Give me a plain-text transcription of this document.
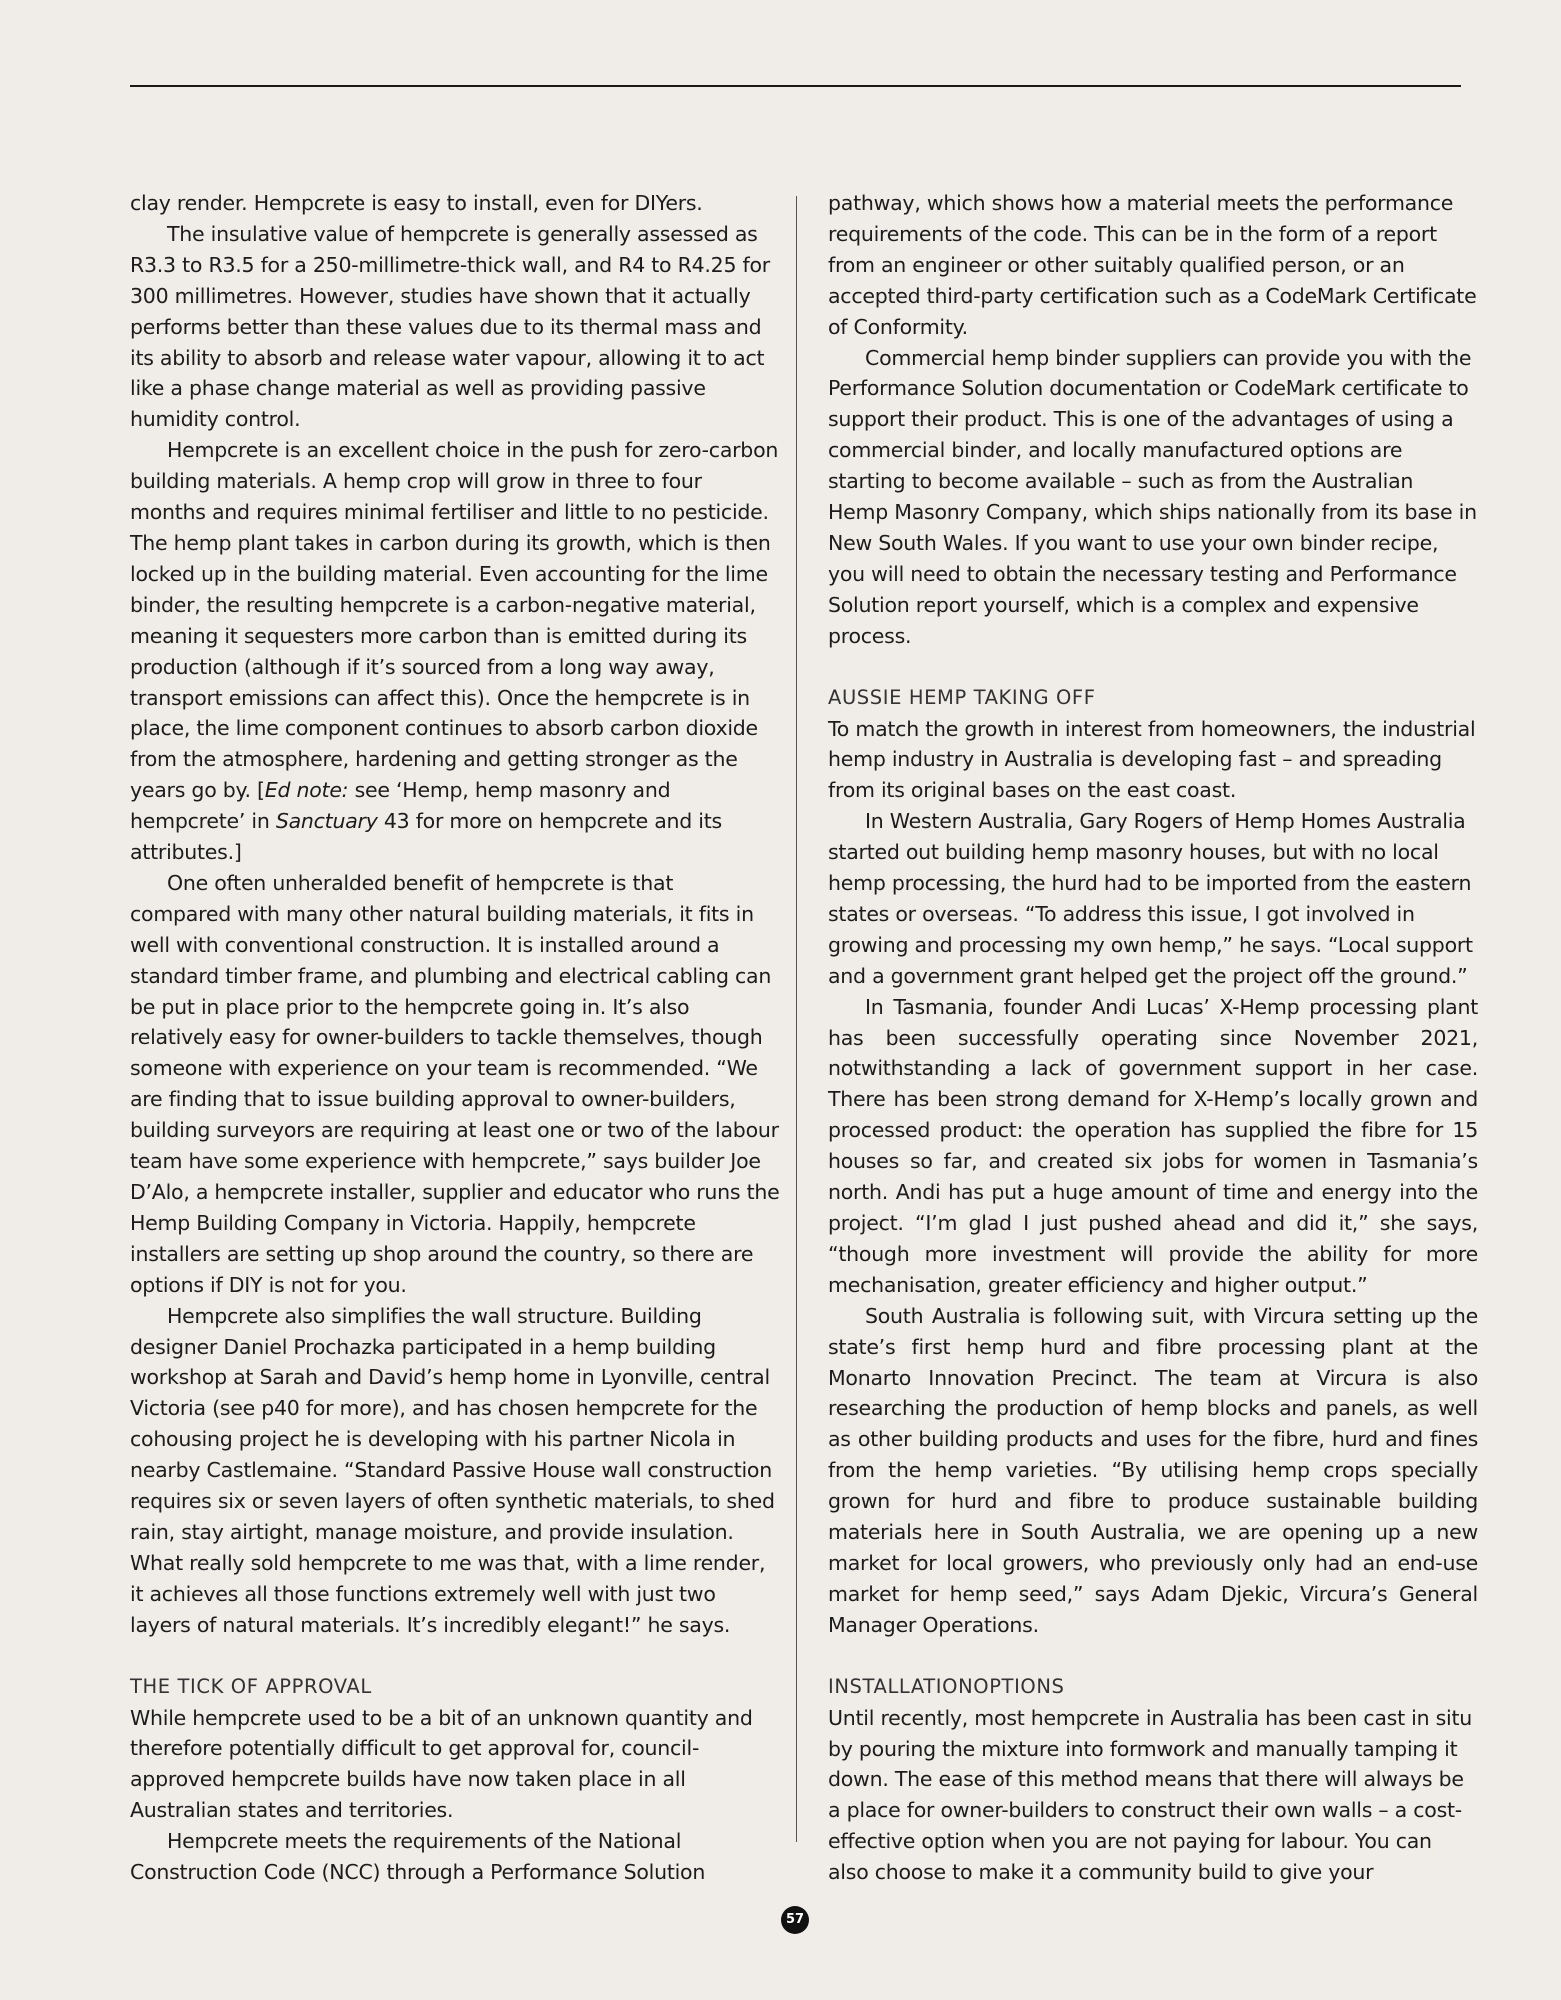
clay render. Hempcrete is easy to install, even for DIYers.

The insulative value of hempcrete is generally assessed as R3.3 to R3.5 for a 250-millimetre-thick wall, and R4 to R4.25 for 300 millimetres. However, studies have shown that it actually performs better than these values due to its thermal mass and its ability to absorb and release water vapour, allowing it to act like a phase change material as well as providing passive humidity control.

Hempcrete is an excellent choice in the push for zero-carbon building materials. A hemp crop will grow in three to four months and requires minimal fertiliser and little to no pesticide. The hemp plant takes in carbon during its growth, which is then locked up in the building material. Even accounting for the lime binder, the resulting hempcrete is a carbon-negative material, meaning it sequesters more carbon than is emitted during its production (although if it’s sourced from a long way away, transport emissions can affect this). Once the hempcrete is in place, the lime component continues to absorb carbon dioxide from the atmosphere, hardening and getting stronger as the years go by. [Ed note: see ‘Hemp, hemp masonry and hempcrete’ in Sanctuary 43 for more on hempcrete and its attributes.]

One often unheralded benefit of hempcrete is that compared with many other natural building materials, it fits in well with conventional construction. It is installed around a standard timber frame, and plumbing and electrical cabling can be put in place prior to the hempcrete going in. It’s also relatively easy for owner-builders to tackle themselves, though someone with experience on your team is recommended. “We are finding that to issue building approval to owner-builders, building surveyors are requiring at least one or two of the labour team have some experience with hempcrete,” says builder Joe D’Alo, a hempcrete installer, supplier and educator who runs the Hemp Building Company in Victoria. Happily, hempcrete installers are setting up shop around the country, so there are options if DIY is not for you.

Hempcrete also simplifies the wall structure. Building designer Daniel Prochazka participated in a hemp building workshop at Sarah and David’s hemp home in Lyonville, central Victoria (see p40 for more), and has chosen hempcrete for the cohousing project he is developing with his partner Nicola in nearby Castlemaine. “Standard Passive House wall construction requires six or seven layers of often synthetic materials, to shed rain, stay airtight, manage moisture, and provide insulation. What really sold hempcrete to me was that, with a lime render, it achieves all those functions extremely well with just two layers of natural materials. It’s incredibly elegant!” he says.

THE TICK OF APPROVAL

While hempcrete used to be a bit of an unknown quantity and therefore potentially difficult to get approval for, council-approved hempcrete builds have now taken place in all Australian states and territories.

Hempcrete meets the requirements of the National Construction Code (NCC) through a Performance Solution

pathway, which shows how a material meets the performance requirements of the code. This can be in the form of a report from an engineer or other suitably qualified person, or an accepted third-party certification such as a CodeMark Certificate of Conformity.

Commercial hemp binder suppliers can provide you with the Performance Solution documentation or CodeMark certificate to support their product. This is one of the advantages of using a commercial binder, and locally manufactured options are starting to become available – such as from the Australian Hemp Masonry Company, which ships nationally from its base in New South Wales. If you want to use your own binder recipe, you will need to obtain the necessary testing and Performance Solution report yourself, which is a complex and expensive process.

AUSSIE HEMP TAKING OFF

To match the growth in interest from homeowners, the industrial hemp industry in Australia is developing fast – and spreading from its original bases on the east coast.

In Western Australia, Gary Rogers of Hemp Homes Australia started out building hemp masonry houses, but with no local hemp processing, the hurd had to be imported from the eastern states or overseas. “To address this issue, I got involved in growing and processing my own hemp,” he says. “Local support and a government grant helped get the project off the ground.”

In Tasmania, founder Andi Lucas’ X-Hemp processing plant has been successfully operating since November 2021, notwithstanding a lack of government support in her case. There has been strong demand for X-Hemp’s locally grown and processed product: the operation has supplied the fibre for 15 houses so far, and created six jobs for women in Tasmania’s north. Andi has put a huge amount of time and energy into the project. “I’m glad I just pushed ahead and did it,” she says, “though more investment will provide the ability for more mechanisation, greater efficiency and higher output.”

South Australia is following suit, with Vircura setting up the state’s first hemp hurd and fibre processing plant at the Monarto Innovation Precinct. The team at Vircura is also researching the production of hemp blocks and panels, as well as other building products and uses for the fibre, hurd and fines from the hemp varieties. “By utilising hemp crops specially grown for hurd and fibre to produce sustainable building materials here in South Australia, we are opening up a new market for local growers, who previously only had an end-use market for hemp seed,” says Adam Djekic, Vircura’s General Manager Operations.

INSTALLATIONOPTIONS

Until recently, most hempcrete in Australia has been cast in situ by pouring the mixture into formwork and manually tamping it down. The ease of this method means that there will always be a place for owner-builders to construct their own walls – a cost-effective option when you are not paying for labour. You can also choose to make it a community build to give your

57
